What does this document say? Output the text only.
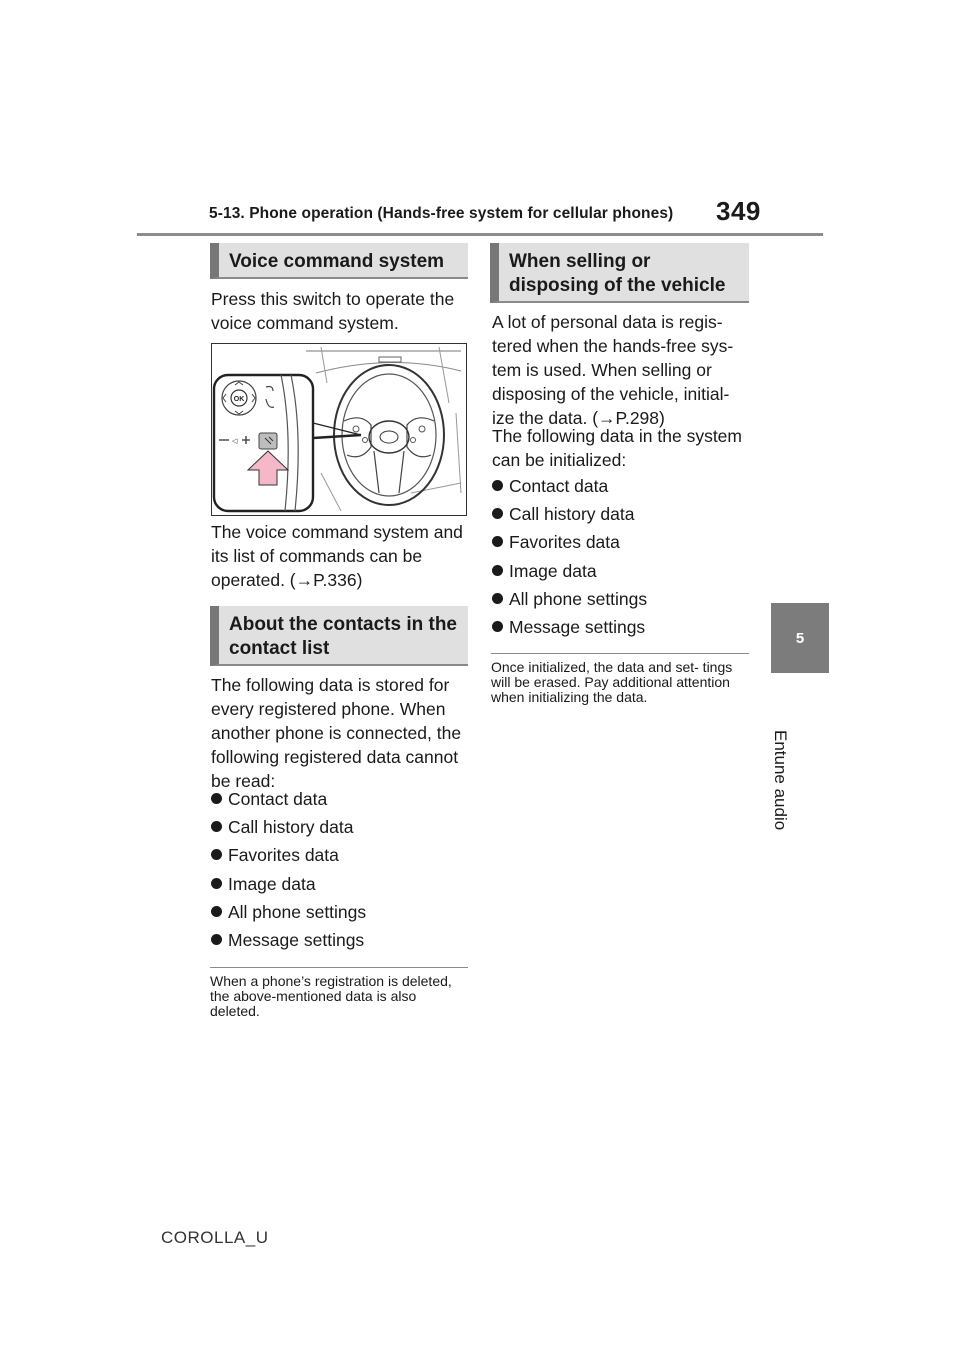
5-13. Phone operation (Hands-free system for cellular phones) 349
5
Entune audio
Voice command system

Press this switch to operate the voice command system.

OK
◁

The voice command system and its list of commands can be operated. (→P.336)

About the contacts in the contact list

The following data is stored for every registered phone. When another phone is connected, the following registered data cannot be read:

Contact data
Call history data
Favorites data
Image data
All phone settings
Message settings

When a phone’s registration is deleted, the above-mentioned data is also deleted.

When selling or disposing of the vehicle

A lot of personal data is regis- tered when the hands-free sys- tem is used. When selling or disposing of the vehicle, initial- ize the data. (→P.298)

The following data in the system can be initialized:

Contact data
Call history data
Favorites data
Image data
All phone settings
Message settings

Once initialized, the data and set- tings will be erased. Pay additional attention when initializing the data.

COROLLA_U
